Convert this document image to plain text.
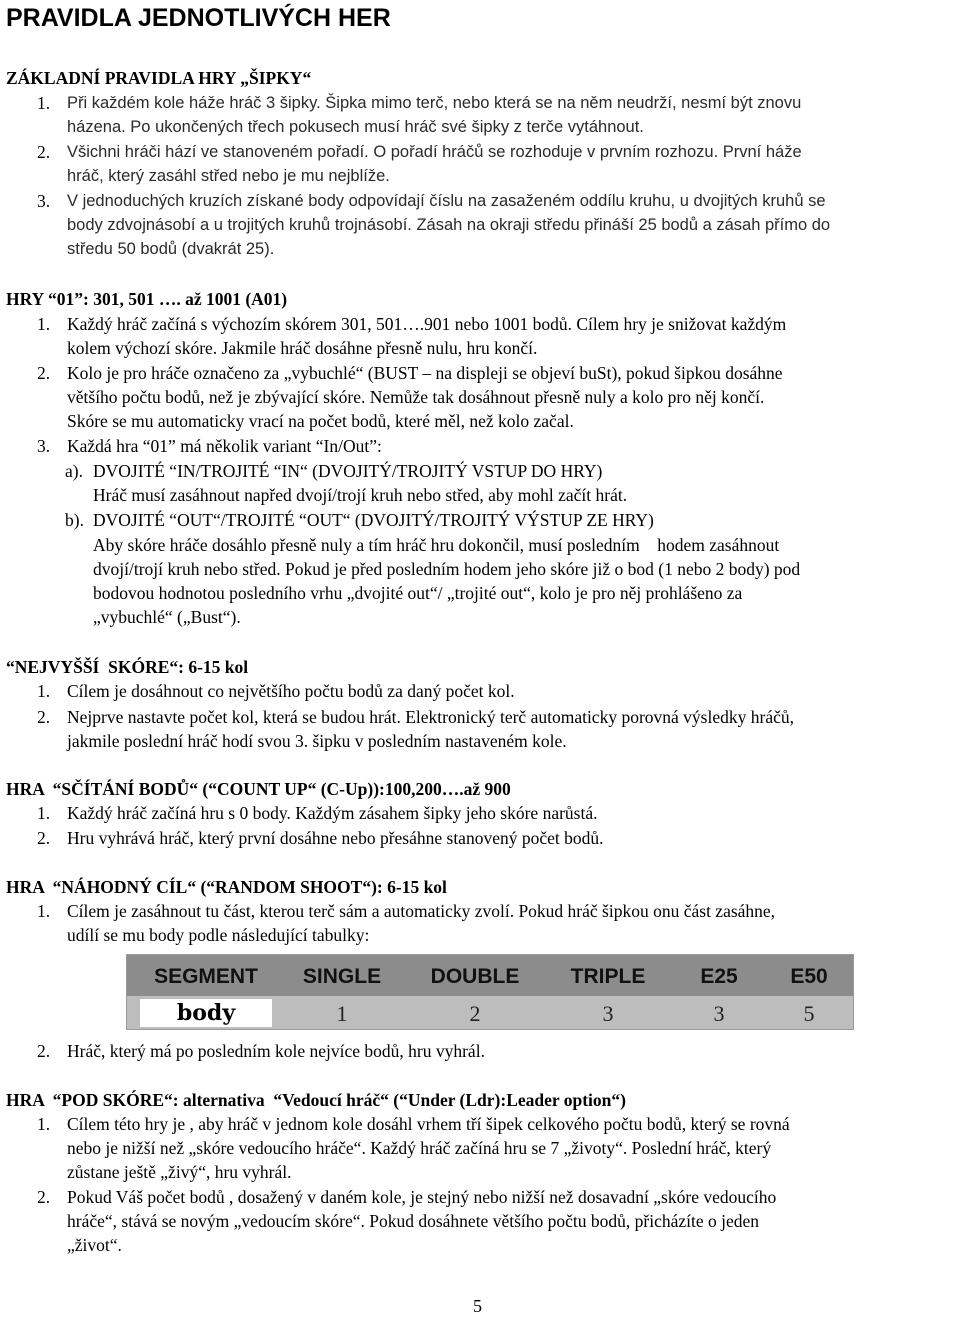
PRAVIDLA JEDNOTLIVÝCH HER
ZÁKLADNÍ PRAVIDLA HRY „ŠIPKY“
1. Při každém kole háže hráč 3 šipky. Šipka mimo terč, nebo která se na něm neudrží, nesmí být znovu
házena. Po ukončených třech pokusech musí hráč své šipky z terče vytáhnout.
2. Všichni hráči hází ve stanoveném pořadí. O pořadí hráčů se rozhoduje v prvním rozhozu. První háže
hráč, který zasáhl střed nebo je mu nejblíže.
3. V jednoduchých kruzích získané body odpovídají číslu na zasaženém oddílu kruhu, u dvojitých kruhů se
body zdvojnásobí a u trojitých kruhů trojnásobí. Zásah na okraji středu přináší 25 bodů a zásah přímo do
středu 50 bodů (dvakrát 25).
HRY “01”: 301, 501 …. až 1001 (A01)
1. Každý hráč začíná s výchozím skórem 301, 501….901 nebo 1001 bodů. Cílem hry je snižovat každým
kolem výchozí skóre. Jakmile hráč dosáhne přesně nulu, hru končí.
2. Kolo je pro hráče označeno za „vybuchlé“ (BUST – na displeji se objeví buSt), pokud šipkou dosáhne
většího počtu bodů, než je zbývající skóre. Nemůže tak dosáhnout přesně nuly a kolo pro něj končí.
Skóre se mu automaticky vrací na počet bodů, které měl, než kolo začal.
3. Každá hra “01” má několik variant “In/Out”:
a). DVOJITÉ “IN/TROJITÉ “IN“ (DVOJITÝ/TROJITÝ VSTUP DO HRY)
Hráč musí zasáhnout napřed dvojí/trojí kruh nebo střed, aby mohl začít hrát.
b). DVOJITÉ “OUT“/TROJITÉ “OUT“ (DVOJITÝ/TROJITÝ VÝSTUP ZE HRY)
Aby skóre hráče dosáhlo přesně nuly a tím hráč hru dokončil, musí posledním    hodem zasáhnout
dvojí/trojí kruh nebo střed. Pokud je před posledním hodem jeho skóre již o bod (1 nebo 2 body) pod
bodovou hodnotou posledního vrhu „dvojité out“/ „trojité out“, kolo je pro něj prohlášeno za
„vybuchlé“ („Bust“).
“NEJVYŠŠÍ  SKÓRE“: 6-15 kol
1. Cílem je dosáhnout co největšího počtu bodů za daný počet kol.
2. Nejprve nastavte počet kol, která se budou hrát. Elektronický terč automaticky porovná výsledky hráčů,
jakmile poslední hráč hodí svou 3. šipku v posledním nastaveném kole.
HRA  “SČÍTÁNÍ BODŮ“ (“COUNT UP“ (C-Up)):100,200….až 900
1. Každý hráč začíná hru s 0 body. Každým zásahem šipky jeho skóre narůstá.
2. Hru vyhrává hráč, který první dosáhne nebo přesáhne stanovený počet bodů.
HRA  “NÁHODNÝ CÍL“ (“RANDOM SHOOT“): 6-15 kol
1. Cílem je zasáhnout tu část, kterou terč sám a automaticky zvolí. Pokud hráč šipkou onu část zasáhne,
udílí se mu body podle následující tabulky:
SEGMENT	SINGLE	DOUBLE	TRIPLE	E25	E50
body	1	2	3	3	5
2. Hráč, který má po posledním kole nejvíce bodů, hru vyhrál.
HRA  “POD SKÓRE“: alternativa  “Vedoucí hráč“ (“Under (Ldr):Leader option“)
1. Cílem této hry je , aby hráč v jednom kole dosáhl vrhem tří šipek celkového počtu bodů, který se rovná
nebo je nižší než „skóre vedoucího hráče“. Každý hráč začíná hru se 7 „životy“. Poslední hráč, který
zůstane ještě „živý“, hru vyhrál.
2. Pokud Váš počet bodů , dosažený v daném kole, je stejný nebo nižší než dosavadní „skóre vedoucího
hráče“, stává se novým „vedoucím skóre“. Pokud dosáhnete většího počtu bodů, přicházíte o jeden
„život“.
5
